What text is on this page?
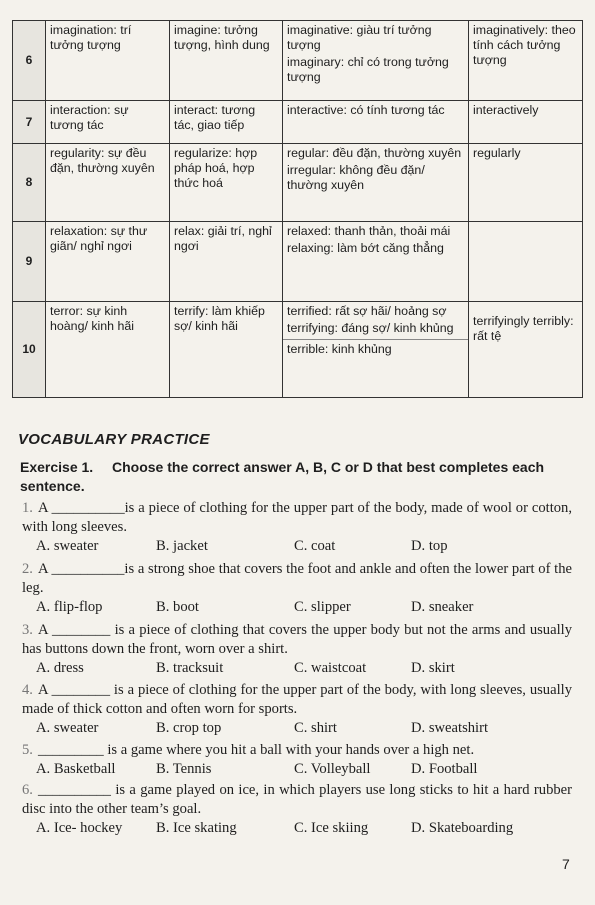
6	imagination: trí tưởng tượng	imagine: tưởng tượng, hình dung	imaginative: giàu trí tưởng tượng
imaginary: chỉ có trong tưởng tượng	imaginatively: theo tính cách tưởng tượng
7	interaction: sự tương tác	interact: tương tác, giao tiếp	interactive: có tính tương tác	interactively
8	regularity: sự đều đặn, thường xuyên	regularize: hợp pháp hoá, hợp thức hoá	regular: đều đặn, thường xuyên
irregular: không đều đặn/ thường xuyên	regularly
9	relaxation: sự thư giãn/ nghỉ ngơi	relax: giải trí, nghỉ ngơi	relaxed: thanh thản, thoải mái
relaxing: làm bớt căng thẳng	

10	terror: sự kinh hoàng/ kinh hãi	terrify: làm khiếp sợ/ kinh hãi	terrified: rất sợ hãi/ hoảng sợ
terrifying: đáng sợ/ kinh khủng
terrible: kinh khủng	terrifyingly terribly: rất tệ
VOCABULARY PRACTICE
Exercise 1. Choose the correct answer A, B, C or D that best completes each sentence.
1. A __________is a piece of clothing for the upper part of the body, made of wool or cotton, with long sleeves.
A. sweater	B. jacket	C. coat	D. top
2. A __________is a strong shoe that covers the foot and ankle and often the lower part of the leg.
A. flip-flop	B. boot	C. slipper	D. sneaker
3. A ________ is a piece of clothing that covers the upper body but not the arms and usually has buttons down the front, worn over a shirt.
A. dress	B. tracksuit	C. waistcoat	D. skirt
4. A ________ is a piece of clothing for the upper part of the body, with long sleeves, usually made of thick cotton and often worn for sports.
A. sweater	B. crop top	C. shirt	D. sweatshirt
5. _________ is a game where you hit a ball with your hands over a high net.
A. Basketball	B. Tennis	C. Volleyball	D. Football
6. __________ is a game played on ice, in which players use long sticks to hit a hard rubber disc into the other team’s goal.
A. Ice- hockey B. Ice skating	C. Ice skiing	D. Skateboarding
7
